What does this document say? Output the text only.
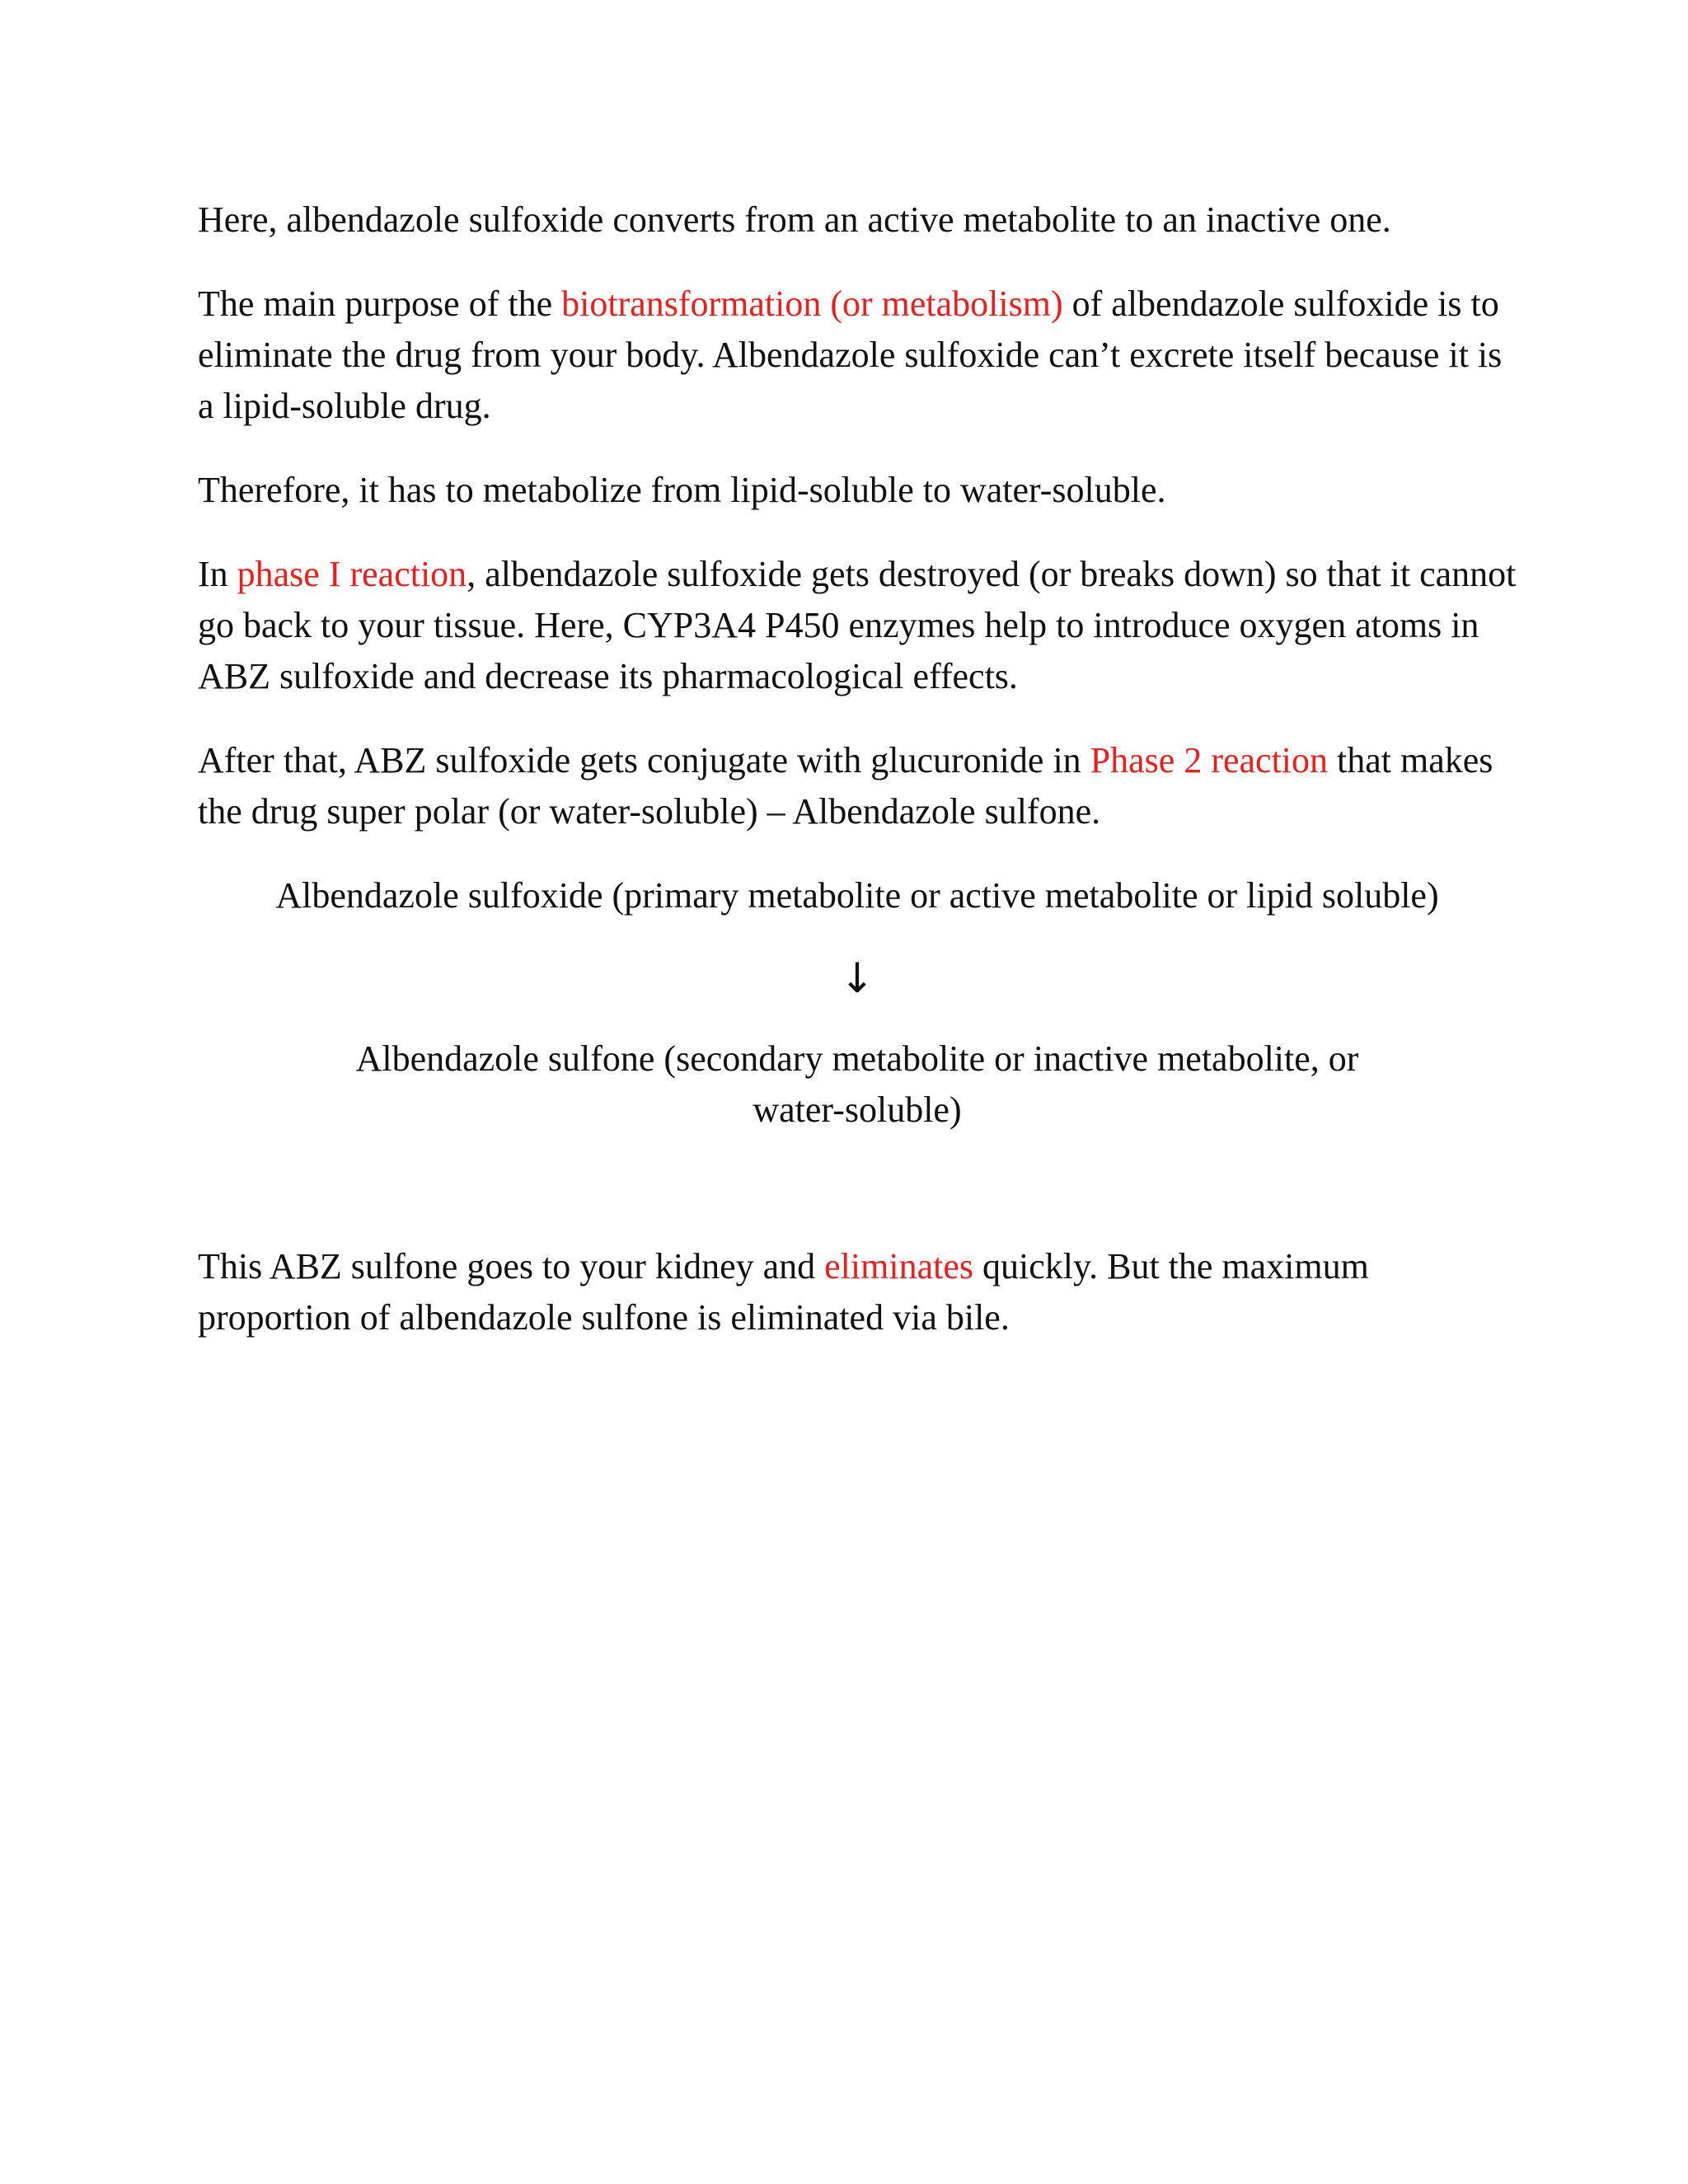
Here, albendazole sulfoxide converts from an active metabolite to an inactive one.

The main purpose of the biotransformation (or metabolism) of albendazole sulfoxide is to eliminate the drug from your body. Albendazole sulfoxide can’t excrete itself because it is a lipid-soluble drug.

Therefore, it has to metabolize from lipid-soluble to water-soluble.

In phase I reaction, albendazole sulfoxide gets destroyed (or breaks down) so that it cannot go back to your tissue. Here, CYP3A4 P450 enzymes help to introduce oxygen atoms in ABZ sulfoxide and decrease its pharmacological effects.

After that, ABZ sulfoxide gets conjugate with glucuronide in Phase 2 reaction that makes the drug super polar (or water-soluble) – Albendazole sulfone.

Albendazole sulfoxide (primary metabolite or active metabolite or lipid soluble)

↓

Albendazole sulfone (secondary metabolite or inactive metabolite, or water-soluble)

This ABZ sulfone goes to your kidney and eliminates quickly. But the maximum proportion of albendazole sulfone is eliminated via bile.
